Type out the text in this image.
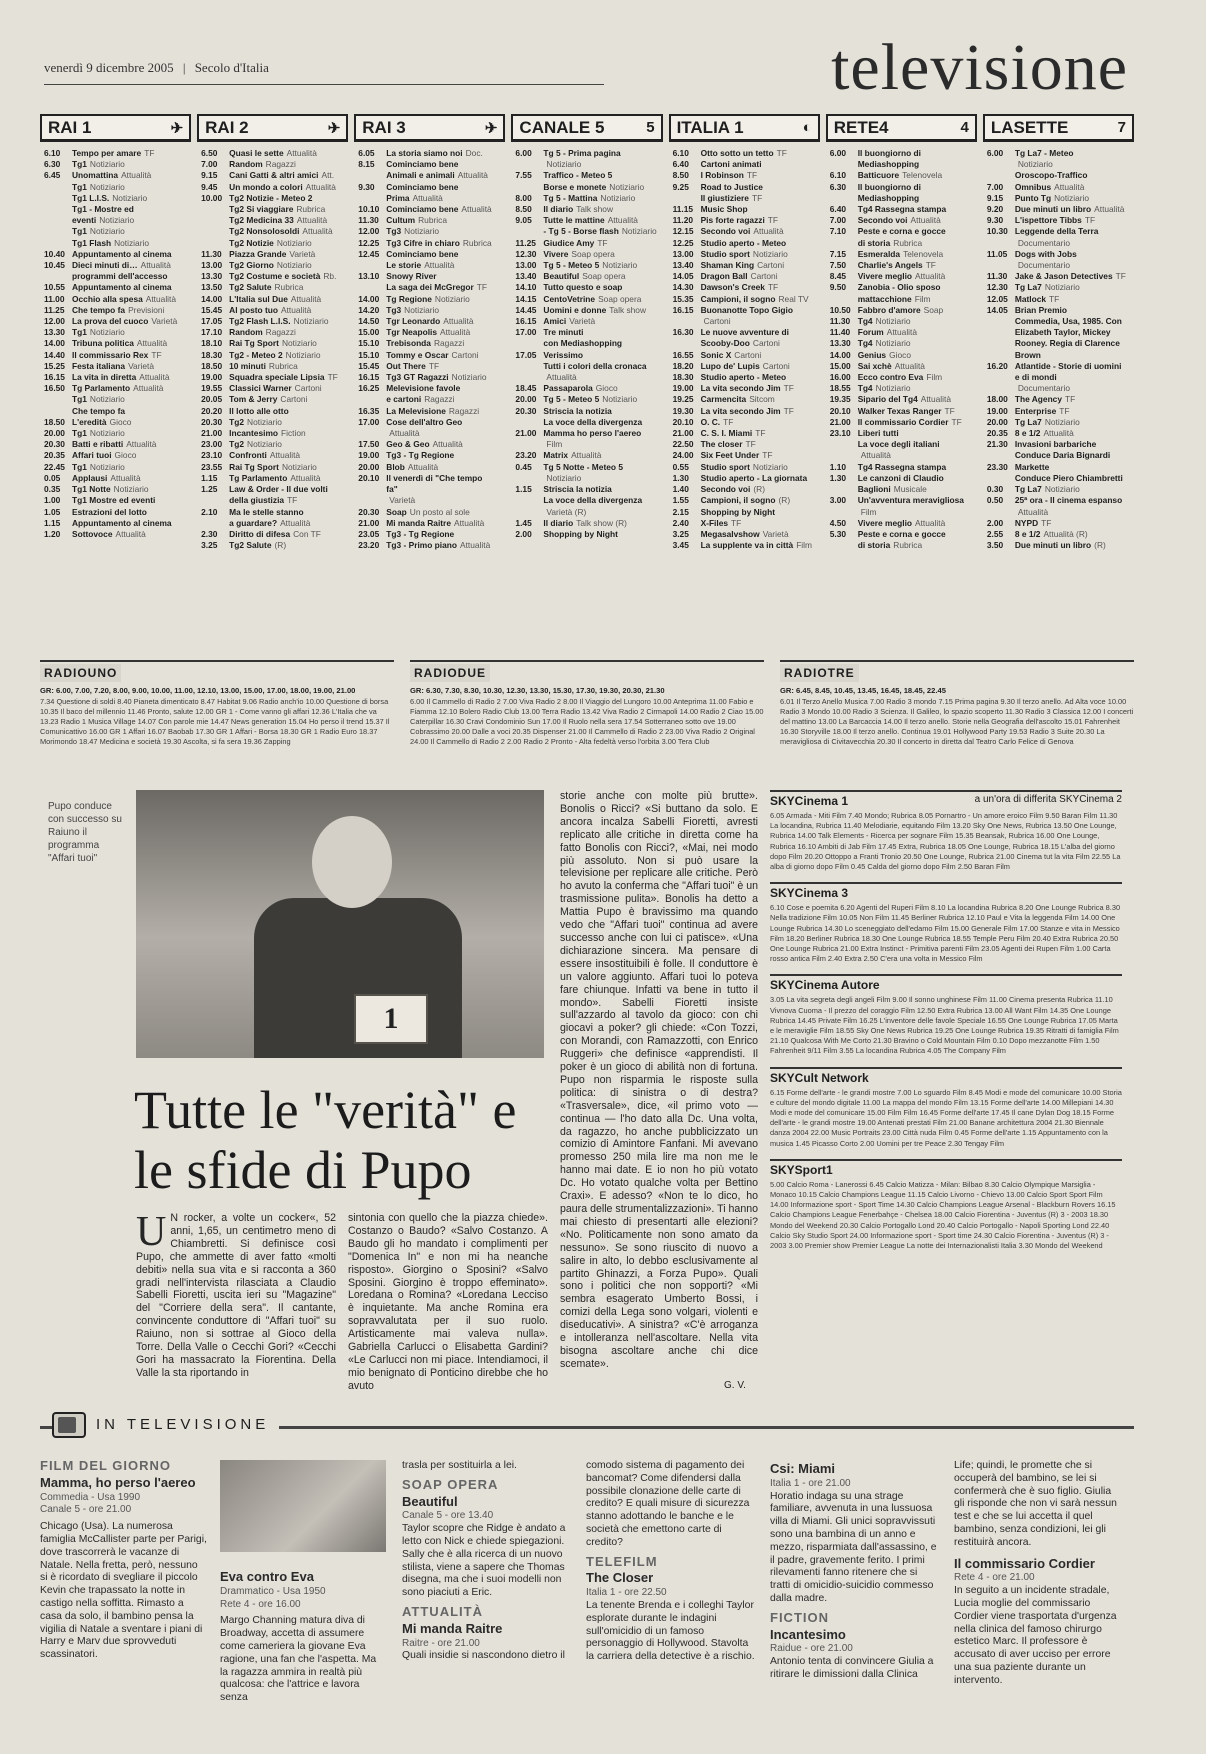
venerdì 9 dicembre 2005 | Secolo d'Italia	televisione
RAI 1	✈
6.10	Tempo per amare TF
6.30	Tg1 Notiziario
6.45	Unomattina Attualità
Tg1 Notiziario
Tg1 L.I.S. Notiziario
Tg1 - Mostre ed eventi Notiziario
Tg1 Notiziario
Tg1 Flash Notiziario
10.40 Appuntamento al cinema
10.45 Dieci minuti di… Attualità
programmi dell'accesso
10.55 Appuntamento al cinema
11.00 Occhio alla spesa Attualità
11.25 Che tempo fa Previsioni
12.00 La prova del cuoco Varietà
13.30 Tg1 Notiziario
14.00 Tribuna politica Attualità
14.40 Il commissario Rex TF
15.25 Festa italiana Varietà
16.15 La vita in diretta Attualità
16.50 Tg Parlamento Attualità
Tg1 Notiziario
Che tempo fa
18.50 L'eredità Gioco
20.00 Tg1 Notiziario
20.30 Batti e ribatti Attualità
20.35 Affari tuoi Gioco
22.45 Tg1 Notiziario
0.05	Applausi Attualità
0.35	Tg1 Notte Notiziario
1.00	Tg1 Mostre ed eventi
1.05	Estrazioni del lotto
1.15	Appuntamento al cinema
1.20	Sottovoce Attualità
RAI 2	✈
6.50	Quasi le sette Attualità
7.00	Random Ragazzi
9.15	Cani Gatti & altri amici Att.
9.45	Un mondo a colori Attualità
10.00 Tg2 Notizie - Meteo 2
Tg2 Si viaggiare Rubrica
Tg2 Medicina 33 Attualità
Tg2 Nonsolosoldi Attualità
Tg2 Notizie Notiziario
11.30 Piazza Grande Varietà
13.00 Tg2 Giorno Notiziario
13.30 Tg2 Costume e società Rb.
13.50 Tg2 Salute Rubrica
14.00 L'Italia sul Due Attualità
15.45 Al posto tuo Attualità
17.05 Tg2 Flash L.I.S. Notiziario
17.10 Random Ragazzi
18.10 Rai Tg Sport Notiziario
18.30 Tg2 - Meteo 2 Notiziario
18.50 10 minuti Rubrica
19.00 Squadra speciale Lipsia TF
19.55 Classici Warner Cartoni
20.05 Tom & Jerry Cartoni
20.20 Il lotto alle otto
20.30 Tg2 Notiziario
21.00 Incantesimo Fiction
23.00 Tg2 Notiziario
23.10 Confronti Attualità
23.55 Rai Tg Sport Notiziario
1.15	Tg Parlamento Attualità
1.25	Law & Order - Il due volti
della giustizia TF
2.10	Ma le stelle stanno
a guardare? Attualità
2.30	Diritto di difesa Con TF
3.25	Tg2 Salute (R)
RAI 3	✈
6.05	La storia siamo noi Doc.
8.15	Cominciamo bene
Animali e animali Attualità
9.30	Cominciamo bene
Prima Attualità
10.10 Cominciamo bene Attualità
11.30 Cultum Rubrica
12.00 Tg3 Notiziario
12.25 Tg3 Cifre in chiaro Rubrica
12.45 Cominciamo bene
Le storie Attualità
13.10 Snowy River
La saga dei McGregor TF
14.00 Tg Regione Notiziario
14.20 Tg3 Notiziario
14.50 Tgr Leonardo Attualità
15.00 Tgr Neapolis Attualità
15.10 Trebisonda Ragazzi
15.10 Tommy e Oscar Cartoni
15.45 Out There TF
16.15 Tg3 GT Ragazzi Notiziario
16.25 Melevisione favole
e cartoni Ragazzi
16.35 La Melevisione Ragazzi
17.00 Cose dell'altro Geo
Attualità
17.50 Geo & Geo Attualità
19.00 Tg3 - Tg Regione
20.00 Blob Attualità
20.10 Il venerdì di "Che tempo
fa"
Varietà
20.30 Soap Un posto al sole
21.00 Mi manda Raitre Attualità
23.05 Tg3 - Tg Regione
23.20 Tg3 - Primo piano Attualità
CANALE 5	5
6.00	Tg 5 - Prima pagina
Notiziario
7.55	Traffico - Meteo 5
Borse e monete Notiziario
8.00	Tg 5 - Mattina Notiziario
8.50	Il diario Talk show
9.05	Tutte le mattine Attualità
- Tg 5 - Borse flash Notiziario
11.25 Giudice Amy TF
12.30 Vivere Soap opera
13.00 Tg 5 - Meteo 5 Notiziario
13.40 Beautiful Soap opera
14.10 Tutto questo e soap
14.15 CentoVetrine Soap opera
14.45 Uomini e donne Talk show
16.15 Amici Varietà
17.00 Tre minuti
con Mediashopping
17.05 Verissimo
Tutti i colori della cronaca
Attualità
18.45 Passaparola Gioco
20.00 Tg 5 - Meteo 5 Notiziario
20.30 Striscia la notizia
La voce della divergenza
21.00 Mamma ho perso l'aereo
Film
23.20 Matrix Attualità
0.45	Tg 5 Notte - Meteo 5
Notiziario
1.15	Striscia la notizia
La voce della divergenza
Varietà (R)
1.45	Il diario Talk show (R)
2.00	Shopping by Night
ITALIA 1	◐
6.10	Otto sotto un tetto TF
6.40	Cartoni animati
8.50	I Robinson TF
9.25	Road to Justice
Il giustiziere TF
11.15 Music Shop
11.20 Pis forte ragazzi TF
12.15 Secondo voi Attualità
12.25 Studio aperto - Meteo
13.00 Studio sport Notiziario
13.40 Shaman King Cartoni
14.05 Dragon Ball Cartoni
14.30 Dawson's Creek TF
15.35 Campioni, il sogno Real TV
16.15 Buonanotte Topo Gigio
Cartoni
16.30 Le nuove avventure di
Scooby-Doo Cartoni
16.55 Sonic X Cartoni
18.20 Lupo de' Lupis Cartoni
18.30 Studio aperto - Meteo
19.00 La vita secondo Jim TF
19.25 Carmencita Sitcom
19.30 La vita secondo Jim TF
20.10 O. C. TF
21.00 C. S. I. Miami TF
22.50 The closer TF
24.00 Six Feet Under TF
0.55	Studio sport Notiziario
1.30	Studio aperto - La giornata
1.40	Secondo voi (R)
1.55	Campioni, il sogno (R)
2.15	Shopping by Night
2.40	X-Files TF
3.25	Megasalvshow Varietà
3.45	La supplente va in città Film
RETE4	4
6.00	Il buongiorno di
Mediashopping
6.10	Batticuore Telenovela
6.30	Il buongiorno di
Mediashopping
6.40	Tg4 Rassegna stampa
7.00	Secondo voi Attualità
7.10	Peste e corna e gocce
di storia Rubrica
7.15	Esmeralda Telenovela
7.50	Charlie's Angels TF
8.45	Vivere meglio Attualità
9.50	Zanobia - Olio sposo
mattacchione Film
10.50 Fabbro d'amore Soap
11.30 Tg4 Notiziario
11.40 Forum Attualità
13.30 Tg4 Notiziario
14.00 Genius Gioco
15.00 Sai xchè Attualità
16.00 Ecco contro Eva Film
18.55 Tg4 Notiziario
19.35 Sipario del Tg4 Attualità
20.10 Walker Texas Ranger TF
21.00 Il commissario Cordier TF
23.10 Liberi tutti
La voce degli italiani
Attualità
1.10	Tg4 Rassegna stampa
1.30	Le canzoni di Claudio
Baglioni Musicale
3.00	Un'avventura meravigliosa
Film
4.50	Vivere meglio Attualità
5.30	Peste e corna e gocce
di storia Rubrica
LASETTE	7
6.00	Tg La7 - Meteo
Notiziario
Oroscopo-Traffico
7.00	Omnibus Attualità
9.15	Punto Tg Notiziario
9.20	Due minuti un libro Attualità
9.30	L'ispettore Tibbs TF
10.30 Leggende della Terra
Documentario
11.05 Dogs with Jobs
Documentario
11.30 Jake & Jason Detectives TF
12.30 Tg La7 Notiziario
12.05 Matlock TF
14.05 Brian Premio
Commedia, Usa, 1985. Con
Elizabeth Taylor, Mickey
Rooney. Regia di Clarence
Brown
16.20 Atlantide - Storie di uomini
e di mondi
Documentario
18.00 The Agency TF
19.00 Enterprise TF
20.00 Tg La7 Notiziario
20.35 8 e 1/2 Attualità
21.30 Invasioni barbariche
Conduce Daria Bignardi
23.30 Markette
Conduce Piero Chiambretti
0.30	Tg La7 Notiziario
0.50	25ª ora - Il cinema espanso
Attualità
2.00	NYPD TF
2.55	8 e 1/2 Attualità (R)
3.50	Due minuti un libro (R)
RADIOUNO
GR: 6.00, 7.00, 7.20, 8.00, 9.00, 10.00, 11.00, 12.10, 13.00, 15.00, 17.00, 18.00, 19.00, 21.00
7.34 Questione di soldi 8.40 Pianeta dimenticato 8.47 Habitat 9.06 Radio anch'io 10.00 Questione di borsa 10.35 Il baco del millennio 11.46 Pronto, salute 12.00 GR 1 - Come vanno gli affari 12.36 L'Italia che va 13.23 Radio 1 Musica Village 14.07 Con parole mie 14.47 News generation 15.04 Ho perso il trend 15.37 Il Comunicattivo 16.00 GR 1 Affari 16.07 Baobab 17.30 GR 1 Affari - Borsa 18.30 GR 1 Radio Euro 18.37 Morimondo 18.47 Medicina e società 19.30 Ascolta, si fa sera 19.36 Zapping
RADIODUE
GR: 6.30, 7.30, 8.30, 10.30, 12.30, 13.30, 15.30, 17.30, 19.30, 20.30, 21.30
6.00 Il Cammello di Radio 2 7.00 Viva Radio 2 8.00 Il Viaggio del Lungoro 10.00 Anteprima 11.00 Fabio e Fiamma 12.10 Bolero Radio Club 13.00 Terra Radio 13.42 Viva Radio 2 Cirmapoli 14.00 Radio 2 Ciao 15.00 Caterpillar 16.30 Cravi Condominio Sun 17.00 Il Ruolo nella sera 17.54 Sotterraneo sotto ove 19.00 Cobrassimo 20.00 Dalle a voci 20.35 Dispenser 21.00 Il Cammello di Radio 2 23.00 Viva Radio 2 Original 24.00 Il Cammello di Radio 2 2.00 Radio 2 Pronto - Alta fedeltà verso l'orbita 3.00 Tera Club
RADIOTRE
GR: 6.45, 8.45, 10.45, 13.45, 16.45, 18.45, 22.45
6.01 Il Terzo Anello Musica 7.00 Radio 3 mondo 7.15 Prima pagina 9.30 Il terzo anello. Ad Alta voce 10.00 Radio 3 Mondo 10.00 Radio 3 Scienza. Il Galileo, lo spazio scoperto 11.30 Radio 3 Classica 12.00 I concerti del mattino 13.00 La Barcaccia 14.00 Il terzo anello. Storie nella Geografia dell'ascolto 15.01 Fahrenheit 16.30 Storyville 18.00 Il terzo anello. Continua 19.01 Hollywood Party 19.53 Radio 3 Suite 20.30 La meravigliosa di Civitavecchia 20.30 Il concerto in diretta dal Teatro Carlo Felice di Genova
Pupo conduce con successo su Raiuno il programma "Affari tuoi"
1
Tutte le "verità" e le sfide di Pupo
U N rocker, a volte un cocker«, 52 anni, 1,65, un centimetro meno di Chiambretti. Si definisce così Pupo, che ammette di aver fatto «molti debiti» nella sua vita e si racconta a 360 gradi nell'intervista rilasciata a Claudio Sabelli Fioretti, uscita ieri su "Magazine" del "Corriere della sera". Il cantante, convincente conduttore di "Affari tuoi" su Raiuno, non si sottrae al Gioco della Torre. Della Valle o Cecchi Gori? «Cecchi Gori ha massacrato la Fiorentina. Della Valle la sta riportando in
sintonia con quello che la piazza chiede». Costanzo o Baudo? «Salvo Costanzo. A Baudo gli ho mandato i complimenti per "Domenica In" e non mi ha neanche risposto». Giorgino o Sposini? «Salvo Sposini. Giorgino è troppo effeminato». Loredana o Romina? «Loredana Lecciso è inquietante. Ma anche Romina era sopravvalutata per il suo ruolo. Artisticamente mai valeva nulla». Gabriella Carlucci o Elisabetta Gardini? «Le Carlucci non mi piace. Intendiamoci, il mio benignato di Ponticino direbbe che ho avuto
storie anche con molte più brutte». Bonolis o Ricci? «Si buttano da solo. E ancora incalza Sabelli Fioretti, avresti replicato alle critiche in diretta come ha fatto Bonolis con Ricci?, «Mai, nei modo più assoluto. Non si può usare la televisione per replicare alle critiche. Però ho avuto la conferma che "Affari tuoi" è un trasmissione pulita». Bonolis ha detto a Mattia Pupo è bravissimo ma quando vedo che "Affari tuoi" continua ad avere successo anche con lui ci patisce». «Una dichiarazione sincera. Ma pensare di essere insostituibili è folle. Il conduttore è un valore aggiunto. Affari tuoi lo poteva fare chiunque. Infatti va bene in tutto il mondo». Sabelli Fioretti insiste sull'azzardo al tavolo da gioco: con chi giocavi a poker? gli chiede: «Con Tozzi, con Morandi, con Ramazzotti, con Enrico Ruggeri» che definisce «apprendisti. Il poker è un gioco di abilità non di fortuna. Pupo non risparmia le risposte sulla politica: di sinistra o di destra? «Trasversale», dice, «il primo voto — continua — l'ho dato alla Dc. Una volta, da ragazzo, ho anche pubblicizzato un comizio di Amintore Fanfani. Mi avevano promesso 250 mila lire ma non me le hanno mai date. E io non ho più votato Dc. Ho votato qualche volta per Bettino Craxi». E adesso? «Non te lo dico, ho paura delle strumentalizzazioni». Ti hanno mai chiesto di presentarti alle elezioni? «No. Politicamente non sono amato da nessuno». Se sono riuscito di nuovo a salire in alto, lo debbo esclusivamente al partito Ghinazzi, a Forza Pupo». Quali sono i politici che non sopporti? «Mi sembra esagerato Umberto Bossi, i comizi della Lega sono volgari, violenti e diseducativi». A sinistra? «C'è arroganza e intolleranza nell'ascoltare. Nella vita bisogna ascoltare anche chi dice scemate».
G. V.
SKYCinema 1	a un'ora di differita SKYCinema 2
6.05 Armada - Miti Film 7.40 Mondo; Rubrica 8.05 Pornartro - Un amore eroico Film 9.50 Baran Film 11.30 La locandina, Rubrica 11.40 Melodiarie, equitando Film 13.20 Sky One News, Rubrica 13.50 One Lounge, Rubrica 14.00 Talk Elements - Ricerca per sognare Film 15.35 Beansak, Rubrica 16.00 One Lounge, Rubrica 16.10 Ambiti di Jab Film 17.45 Extra, Rubrica 18.05 One Lounge, Rubrica 18.15 L'alba del giorno dopo Film 20.20 Ottoppo a Franti Tronio 20.50 One Lounge, Rubrica 21.00 Cinema tut la vita Film 22.55 La alba di giorno dopo Film 0.45 Calda del giorno dopo Film 2.50 Baran Film
SKYCinema 3
6.10 Cose e poemita 6.20 Agenti del Ruperi Film 8.10 La locandina Rubrica 8.20 One Lounge Rubrica 8.30 Nella tradizione Film 10.05 Non Film 11.45 Berliner Rubrica 12.10 Paul e Vita la leggenda Film 14.00 One Lounge Rubrica 14.30 Lo sceneggiato dell'edamo Film 15.00 Generale Film 17.00 Stanze e vita in Messico Film 18.20 Berliner Rubrica 18.30 One Lounge Rubrica 18.55 Temple Peru Film 20.40 Extra Rubrica 20.50 One Lounge Rubrica 21.00 Extra Instinct - Primitiva parenti Film 23.05 Agenti dei Rupen Film 1.00 Carta rosso antica Film 2.40 Extra 2.50 C'era una volta in Messico Film
SKYCinema Autore
3.05 La vita segreta degli angeli Film 9.00 Il sonno unghinese Film 11.00 Cinema presenta Rubrica 11.10 Vivnova Cuoma - Il prezzo del coraggio Film 12.50 Extra Rubrica 13.00 All Want Film 14.35 One Lounge Rubrica 14.45 Private Film 16.25 L'inventore delle favole Speciale 16.55 One Lounge Rubrica 17.05 Marta e le meraviglie Film 18.55 Sky One News Rubrica 19.25 One Lounge Rubrica 19.35 Ritratti di famiglia Film 21.10 Qualcosa With Me Corto 21.30 Bravino o Cold Mountain Film 0.10 Dopo mezzanotte Film 1.50 Fahrenheit 9/11 Film 3.55 La locandina Rubrica 4.05 The Company Film
SKYCult Network
6.15 Forme dell'arte - le grandi mostre 7.00 Lo sguardo Film 8.45 Modi e mode del comunicare 10.00 Storia e culture del mondo digitale 11.00 La mappa del mondo Film 13.15 Forme dell'arte 14.00 Millepiani 14.30 Modi e mode del comunicare 15.00 Film Film 16.45 Forme dell'arte 17.45 Il cane Dylan Dog 18.15 Forme dell'arte - le grandi mostre 19.00 Antenati prestati Film 21.00 Banane architettura 2004 21.30 Biennale danza 2004 22.00 Music Portraits 23.00 Città nuda Film 0.45 Forme dell'arte 1.15 Appuntamento con la musica 1.45 Picasso Corto 2.00 Uomini per tre Peace 2.30 Tengay Film
SKYSport1
5.00 Calcio Roma - Lanerossi 6.45 Calcio Matizza - Milan: Bilbao 8.30 Calcio Olympique Marsiglia - Monaco 10.15 Calcio Champions League 11.15 Calcio Livorno - Chievo 13.00 Calcio Sport Sport Film 14.00 Informazione sport - Sport Time 14.30 Calcio Champions League Arsenal - Blackburn Rovers 16.15 Calcio Champions League Fenerbahçe - Chelsea 18.00 Calcio Fiorentina - Juventus (R) 3 - 2003 18.30 Mondo del Weekend 20.30 Calcio Portogallo Lond 20.40 Calcio Portogallo - Napoli Sporting Lond 22.40 Calcio Sky Studio Sport 24.00 Informazione sport - Sport time 24.30 Calcio Fiorentina - Juventus (R) 3 - 2003 3.00 Premier show Premier League La notte dei Internazionalisti Italia 3.30 Mondo del Weekend
IN TELEVISIONE
FILM DEL GIORNO
Mamma, ho perso l'aereo
Commedia - Usa 1990
Canale 5 - ore 21.00
Chicago (Usa). La numerosa famiglia McCallister parte per Parigi, dove trascorrerà le vacanze di Natale. Nella fretta, però, nessuno si è ricordato di svegliare il piccolo Kevin che trapassato la notte in castigo nella soffitta. Rimasto a casa da solo, il bambino pensa la vigilia di Natale a sventare i piani di Harry e Marv due sprovveduti scassinatori.
Eva contro Eva
Drammatico - Usa 1950
Rete 4 - ore 16.00
Margo Channing matura diva di Broadway, accetta di assumere come cameriera la giovane Eva ragione, una fan che l'aspetta. Ma la ragazza ammira in realtà più qualcosa: che l'attrice e lavora senza
trasla per sostituirla a lei.
SOAP OPERA
Beautiful
Canale 5 - ore 13.40
Taylor scopre che Ridge è andato a letto con Nick e chiede spiegazioni. Sally che è alla ricerca di un nuovo stilista, viene a sapere che Thomas disegna, ma che i suoi modelli non sono piaciuti a Eric.
ATTUALITÀ
Mi manda Raitre
Raitre - ore 21.00
Quali insidie si nascondono dietro il
comodo sistema di pagamento dei bancomat? Come difendersi dalla possibile clonazione delle carte di credito? E quali misure di sicurezza stanno adottando le banche e le società che emettono carte di credito?
TELEFILM
The Closer
Italia 1 - ore 22.50
La tenente Brenda e i colleghi Taylor esplorate durante le indagini sull'omicidio di un famoso personaggio di Hollywood. Stavolta la carriera della detective è a rischio.
Csi: Miami
Italia 1 - ore 21.00
Horatio indaga su una strage familiare, avvenuta in una lussuosa villa di Miami. Gli unici sopravvissuti sono una bambina di un anno e mezzo, risparmiata dall'assassino, e il padre, gravemente ferito. I primi rilevamenti fanno ritenere che si tratti di omicidio-suicidio commesso dalla madre.
FICTION
Incantesimo
Raidue - ore 21.00
Antonio tenta di convincere Giulia a ritirare le dimissioni dalla Clinica
Life; quindi, le promette che si occuperà del bambino, se lei si confermerà che è suo figlio. Giulia gli risponde che non vi sarà nessun test e che se lui accetta il quel bambino, senza condizioni, lei gli restituirà ancora.
Il commissario Cordier
Rete 4 - ore 21.00
In seguito a un incidente stradale, Lucia moglie del commissario Cordier viene trasportata d'urgenza nella clinica del famoso chirurgo estetico Marc. Il professore è accusato di aver ucciso per errore una sua paziente durante un intervento.
